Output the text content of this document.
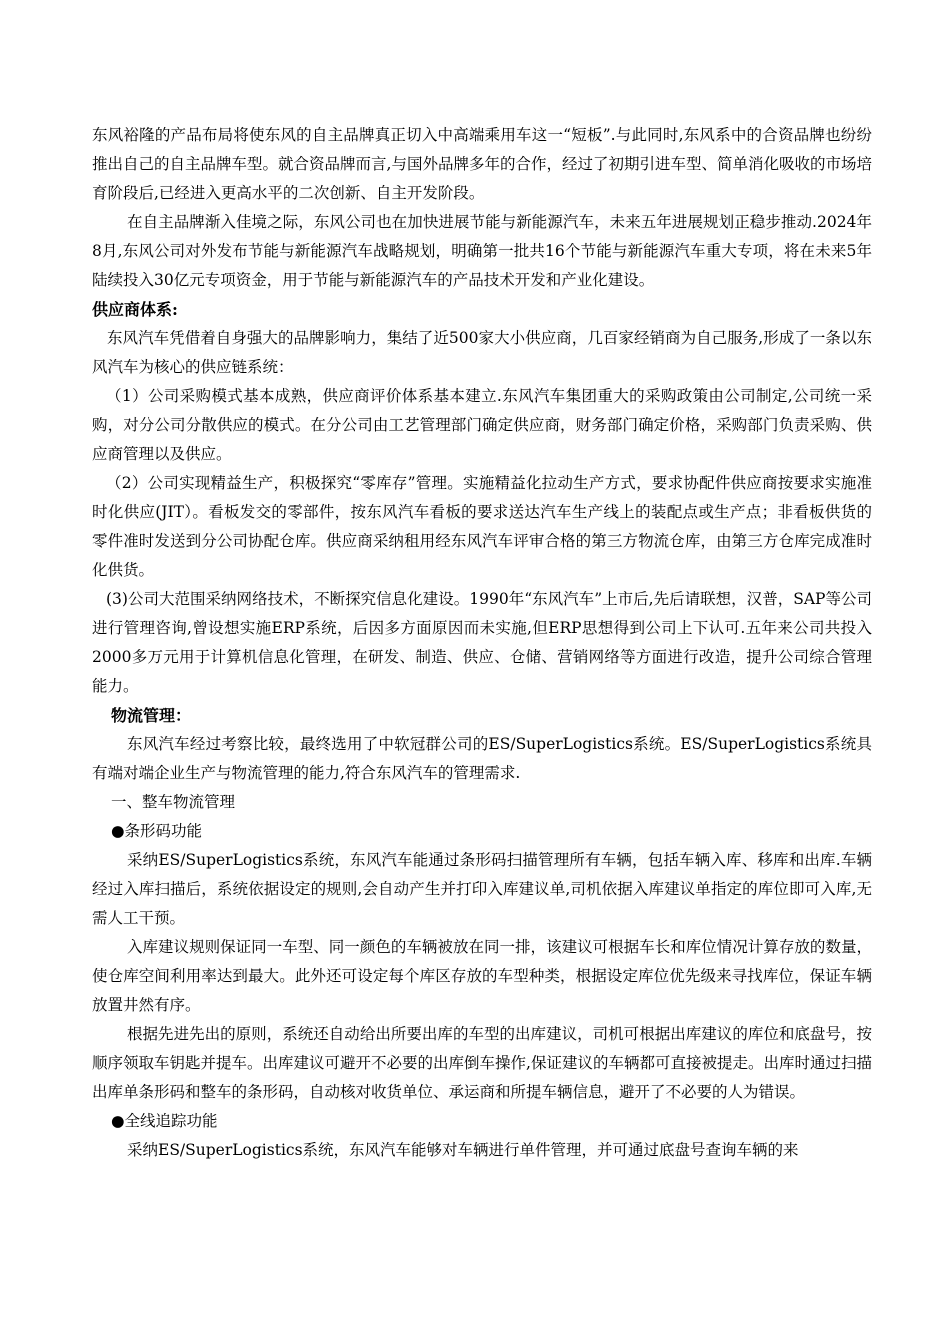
东风裕隆的产品布局将使东风的自主品牌真正切入中高端乘用车这一“短板”.与此同时,东风系中的合资品牌也纷纷推出自己的自主品牌车型。就合资品牌而言,与国外品牌多年的合作，经过了初期引进车型、简单消化吸收的市场培育阶段后,已经进入更高水平的二次创新、自主开发阶段。

在自主品牌渐入佳境之际，东风公司也在加快进展节能与新能源汽车，未来五年进展规划正稳步推动.2024年8月,东风公司对外发布节能与新能源汽车战略规划，明确第一批共16个节能与新能源汽车重大专项，将在未来5年陆续投入30亿元专项资金，用于节能与新能源汽车的产品技术开发和产业化建设。

供应商体系:

东风汽车凭借着自身强大的品牌影响力，集结了近500家大小供应商，几百家经销商为自己服务,形成了一条以东风汽车为核心的供应链系统：

（1）公司采购模式基本成熟，供应商评价体系基本建立.东风汽车集团重大的采购政策由公司制定,公司统一采购，对分公司分散供应的模式。在分公司由工艺管理部门确定供应商，财务部门确定价格，采购部门负责采购、供应商管理以及供应。

（2）公司实现精益生产，积极探究“零库存”管理。实施精益化拉动生产方式，要求协配件供应商按要求实施准时化供应(JIT）。看板发交的零部件，按东风汽车看板的要求送达汽车生产线上的装配点或生产点；非看板供货的零件准时发送到分公司协配仓库。供应商采纳租用经东风汽车评审合格的第三方物流仓库，由第三方仓库完成准时化供货。

(3)公司大范围采纳网络技术，不断探究信息化建设。1990年“东风汽车”上市后,先后请联想，汉普，SAP等公司进行管理咨询,曾设想实施ERP系统，后因多方面原因而未实施,但ERP思想得到公司上下认可.五年来公司共投入2000多万元用于计算机信息化管理，在研发、制造、供应、仓储、营销网络等方面进行改造，提升公司综合管理能力。

物流管理：

东风汽车经过考察比较，最终选用了中软冠群公司的ES/SuperLogistics系统。ES/SuperLogistics系统具有端对端企业生产与物流管理的能力,符合东风汽车的管理需求.

一、整车物流管理

●条形码功能

采纳ES/SuperLogistics系统，东风汽车能通过条形码扫描管理所有车辆，包括车辆入库、移库和出库.车辆经过入库扫描后，系统依据设定的规则,会自动产生并打印入库建议单,司机依据入库建议单指定的库位即可入库,无需人工干预。

入库建议规则保证同一车型、同一颜色的车辆被放在同一排，该建议可根据车长和库位情况计算存放的数量，使仓库空间利用率达到最大。此外还可设定每个库区存放的车型种类，根据设定库位优先级来寻找库位，保证车辆放置井然有序。

根据先进先出的原则，系统还自动给出所要出库的车型的出库建议，司机可根据出库建议的库位和底盘号，按顺序领取车钥匙并提车。出库建议可避开不必要的出库倒车操作,保证建议的车辆都可直接被提走。出库时通过扫描出库单条形码和整车的条形码，自动核对收货单位、承运商和所提车辆信息，避开了不必要的人为错误。

●全线追踪功能

采纳ES/SuperLogistics系统，东风汽车能够对车辆进行单件管理，并可通过底盘号查询车辆的来
